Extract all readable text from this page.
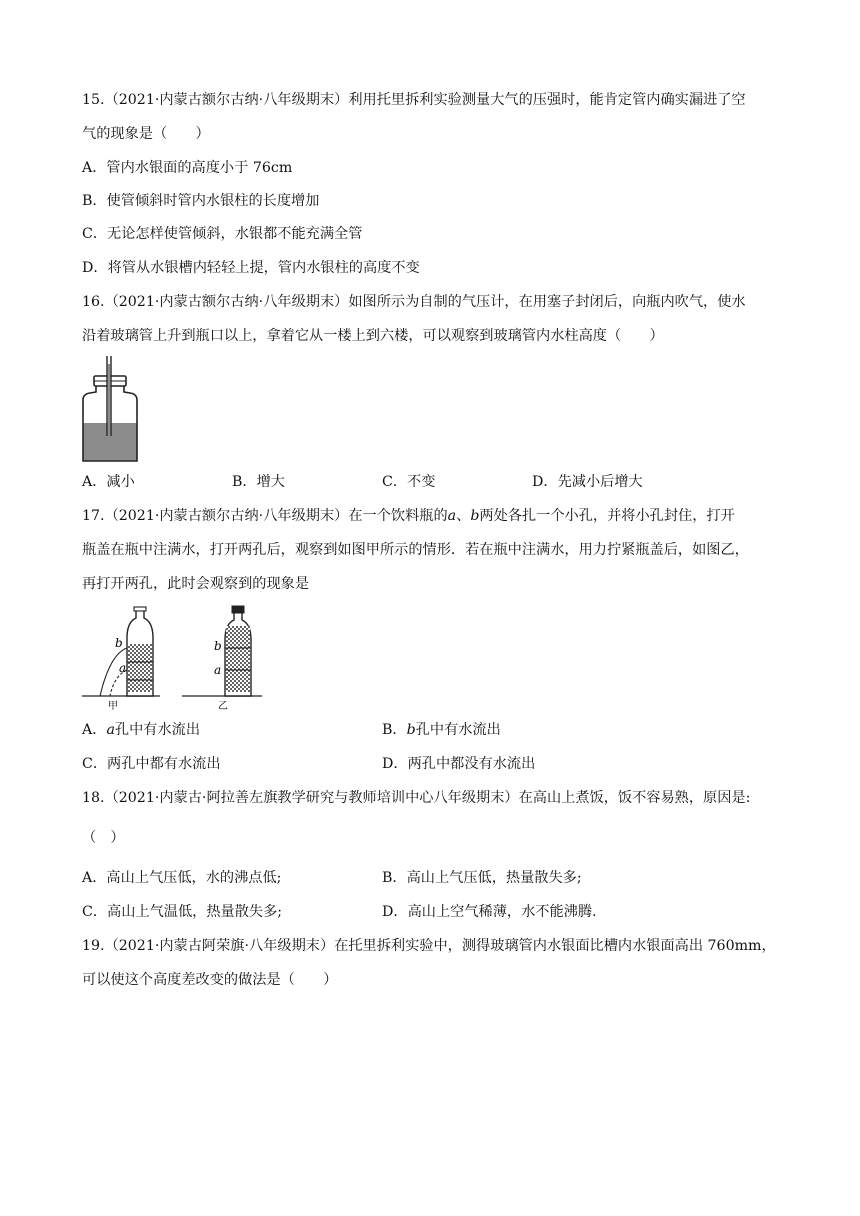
15.（2021·内蒙古额尔古纳·八年级期末）利用托里拆利实验测量大气的压强时，能肯定管内确实漏进了空
气的现象是（　　）
A．管内水银面的高度小于 76cm
B．使管倾斜时管内水银柱的长度增加
C．无论怎样使管倾斜，水银都不能充满全管
D．将管从水银槽内轻轻上提，管内水银柱的高度不变
16.（2021·内蒙古额尔古纳·八年级期末）如图所示为自制的气压计，在用塞子封闭后，向瓶内吹气，使水
沿着玻璃管上升到瓶口以上，拿着它从一楼上到六楼，可以观察到玻璃管内水柱高度（　　）
A．减小	B．增大	C．不变	D．先减小后增大
17.（2021·内蒙古额尔古纳·八年级期末）在一个饮料瓶的a、b两处各扎一个小孔，并将小孔封住，打开
瓶盖在瓶中注满水，打开两孔后，观察到如图甲所示的情形．若在瓶中注满水，用力拧紧瓶盖后，如图乙，
再打开两孔，此时会观察到的现象是
b
a
甲
b
a
乙
A．a孔中有水流出	B．b孔中有水流出
C．两孔中都有水流出	D．两孔中都没有水流出
18.（2021·内蒙古·阿拉善左旗教学研究与教师培训中心八年级期末）在高山上煮饭，饭不容易熟，原因是:
（　）
A．高山上气压低，水的沸点低;	B．高山上气压低，热量散失多;
C．高山上气温低，热量散失多;	D．高山上空气稀薄，水不能沸腾.
19.（2021·内蒙古阿荣旗·八年级期末）在托里拆利实验中，测得玻璃管内水银面比槽内水银面高出 760mm，
可以使这个高度差改变的做法是（　　）
